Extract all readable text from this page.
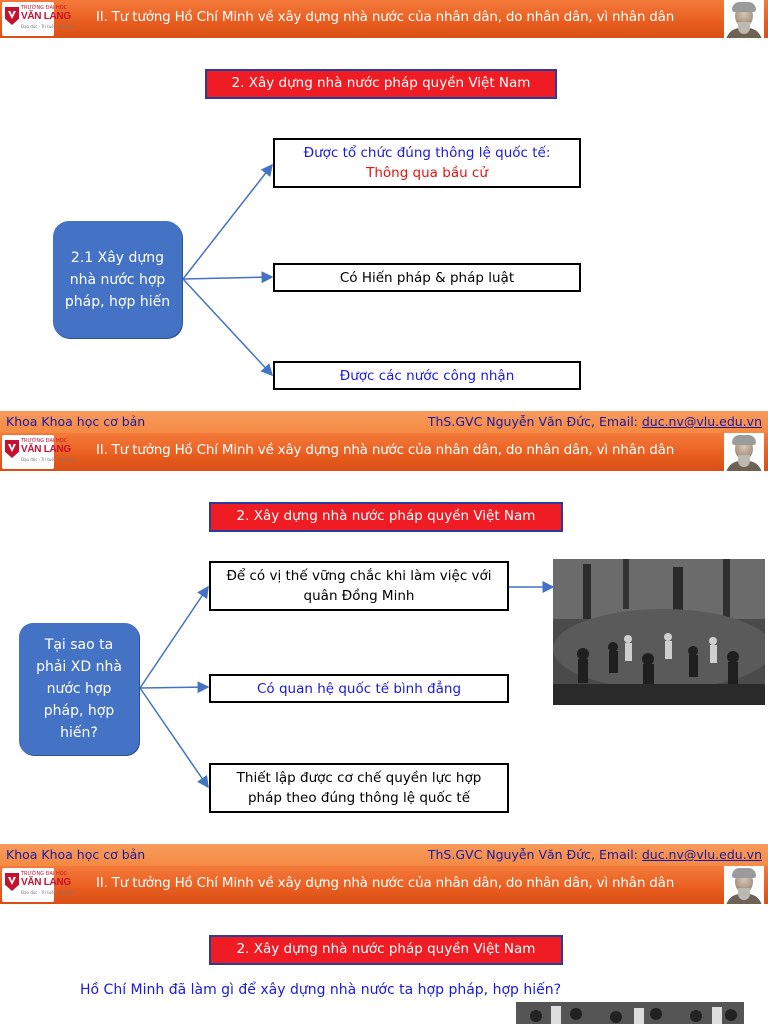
TRƯỜNG ĐẠI HỌC
VĂN LANG
Đạo đức · Trí tuệ · Sáng tạo
II. Tư tưởng Hồ Chí Minh về xây dựng nhà nước của nhân dân, do nhân dân, vì nhân dân
2. Xây dựng nhà nước pháp quyền Việt Nam
2.1 Xây dựng nhà nước hợp pháp, hợp hiến
Được tổ chức đúng thông lệ quốc tế:
Thông qua bầu cử
Có Hiến pháp & pháp luật
Được các nước công nhận
Khoa Khoa học cơ bản	ThS.GVC Nguyễn Văn Đức, Email: duc.nv@vlu.edu.vn
TRƯỜNG ĐẠI HỌC
VĂN LANG
Đạo đức · Trí tuệ · Sáng tạo
II. Tư tưởng Hồ Chí Minh về xây dựng nhà nước của nhân dân, do nhân dân, vì nhân dân
2. Xây dựng nhà nước pháp quyền Việt Nam
Tại sao ta phải XD nhà nước hợp pháp, hợp hiến?
Để có vị thế vững chắc khi làm việc với quân Đồng Minh
Có quan hệ quốc tế bình đẳng
Thiết lập được cơ chế quyền lực hợp pháp theo đúng thông lệ quốc tế
Khoa Khoa học cơ bản	ThS.GVC Nguyễn Văn Đức, Email: duc.nv@vlu.edu.vn
TRƯỜNG ĐẠI HỌC
VĂN LANG
Đạo đức · Trí tuệ · Sáng tạo
II. Tư tưởng Hồ Chí Minh về xây dựng nhà nước của nhân dân, do nhân dân, vì nhân dân
2. Xây dựng nhà nước pháp quyền Việt Nam
Hồ Chí Minh đã làm gì để xây dựng nhà nước ta hợp pháp, hợp hiến?
